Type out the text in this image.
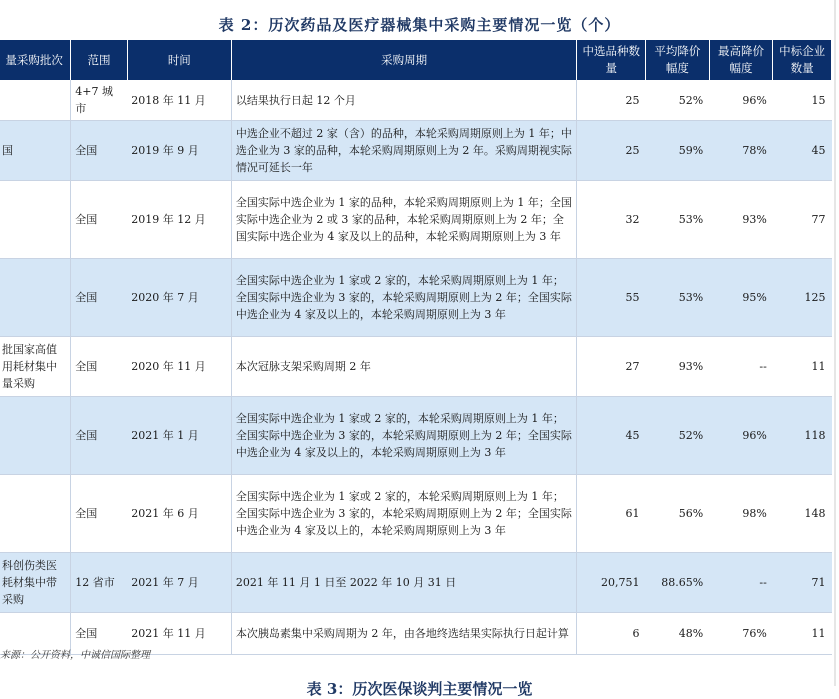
表 2：历次药品及医疗器械集中采购主要情况一览（个）
量采购批次	范围	时间	采购周期	中选品种数量	平均降价幅度	最高降价幅度	中标企业数量
	4+7 城市	2018 年 11 月	以结果执行日起 12 个月	25	52%	96%	15
国	全国	2019 年 9 月	中选企业不超过 2 家（含）的品种，本轮采购周期原则上为 1 年；中选企业为 3 家的品种，本轮采购周期原则上为 2 年。采购周期视实际情况可延长一年	25	59%	78%	45
	全国	2019 年 12 月	全国实际中选企业为 1 家的品种，本轮采购周期原则上为 1 年；全国实际中选企业为 2 或 3 家的品种，本轮采购周期原则上为 2 年；全国实际中选企业为 4 家及以上的品种，本轮采购周期原则上为 3 年	32	53%	93%	77
	全国	2020 年 7 月	全国实际中选企业为 1 家或 2 家的，本轮采购周期原则上为 1 年；全国实际中选企业为 3 家的，本轮采购周期原则上为 2 年；全国实际中选企业为 4 家及以上的，本轮采购周期原则上为 3 年	55	53%	95%	125
批国家高值用耗材集中量采购	全国	2020 年 11 月	本次冠脉支架采购周期 2 年	27	93%	--	11
	全国	2021 年 1 月	全国实际中选企业为 1 家或 2 家的，本轮采购周期原则上为 1 年；全国实际中选企业为 3 家的，本轮采购周期原则上为 2 年；全国实际中选企业为 4 家及以上的，本轮采购周期原则上为 3 年	45	52%	96%	118
	全国	2021 年 6 月	全国实际中选企业为 1 家或 2 家的，本轮采购周期原则上为 1 年；全国实际中选企业为 3 家的，本轮采购周期原则上为 2 年；全国实际中选企业为 4 家及以上的，本轮采购周期原则上为 3 年	61	56%	98%	148
科创伤类医耗材集中带采购	12 省市	2021 年 7 月	2021 年 11 月 1 日至 2022 年 10 月 31 日	20,751	88.65%	--	71
	全国	2021 年 11 月	本次胰岛素集中采购周期为 2 年，由各地终选结果实际执行日起计算	6	48%	76%	11
来源：公开资料，中诚信国际整理
表 3：历次医保谈判主要情况一览
